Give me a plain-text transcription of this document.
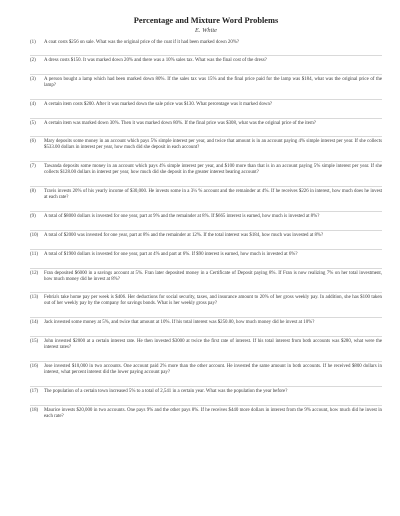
Percentage and Mixture Word Problems
E. White
(1)	A coat costs $256 on sale. What was the original price of the coat if it had been marked down 20%?
(2)	A dress costs $150. It was marked down 20% and there was a 10% sales tax. What was the final cost of the dress?
(3)	A person bought a lamp which had been marked down 80%. If the sales tax was 15% and the final price paid for the lamp was $184, what was the original price of the lamp?
(4)	A certain item costs $200. After it was marked down the sale price was $130. What percentage was it marked down?
(5)	A certain item was marked down 30%. Then it was marked down 80%. If the final price was $308, what was the original price of the item?
(6)	Mary deposits some money in an account which pays 5% simple interest per year, and twice that amount is in an account paying 4% simple interest per year. If she collects $533.00 dollars in interest per year, how much did she deposit in each account?
(7)	Tawanda deposits some money in an account which pays 4% simple interest per year, and $100 more than that is in an account paying 5% simple interest per year. If she collects $128.00 dollars in interest per year, how much did she deposit in the greater interest bearing account?
(8)	Travis invests 20% of his yearly income of $30,000. He invests some in a 3¼ % account and the remainder at 4%. If he receives $226 in interest, how much does he invest at each rate?
(9)	A total of $8000 dollars is invested for one year, part at 9% and the remainder at 8%. If $665 interest is earned, how much is invested at 8%?
(10)	A total of $2000 was invested for one year, part at 8% and the remainder at 12%. If the total interest was $184, how much was invested at 8%?
(11)	A total of $1900 dollars is invested for one year, part at 4% and part at 6%. If $90 interest is earned, how much is invested at 6%?
(12)	Fran deposited $6000 in a savings account at 5%. Fran later deposited money in a Certificate of Deposit paying 8%. If Fran is now realizing 7% on her total investment, how much money did he invest at 8%?
(13)	Febria's take home pay per week is $406. Her deductions for social security, taxes, and insurance amount to 20% of her gross weekly pay. In addition, she has $100 taken out of her weekly pay by the company for savings bonds. What is her weekly gross pay?
(14)	Jack invested some money at 5%, and twice that amount at 10%. If his total interest was $250.00, how much money did he invest at 10%?
(15)	John invested $2000 at a certain interest rate. He then invested $3000 at twice the first rate of interest. If his total interest from both accounts was $280, what were the interest rates?
(16)	Jose invested $10,000 in two accounts. One account paid 2% more than the other account. He invested the same amount in both accounts. If he received $800 dollars in interest, what percent interest did the lower paying account pay?
(17)	The population of a certain town increased 5% to a total of 2,541 in a certain year. What was the population the year before?
(18)	Maurice invests $20,000 in two accounts. One pays 9% and the other pays 8%. If he receives $440 more dollars in interest from the 9% account, how much did he invest in each rate?
